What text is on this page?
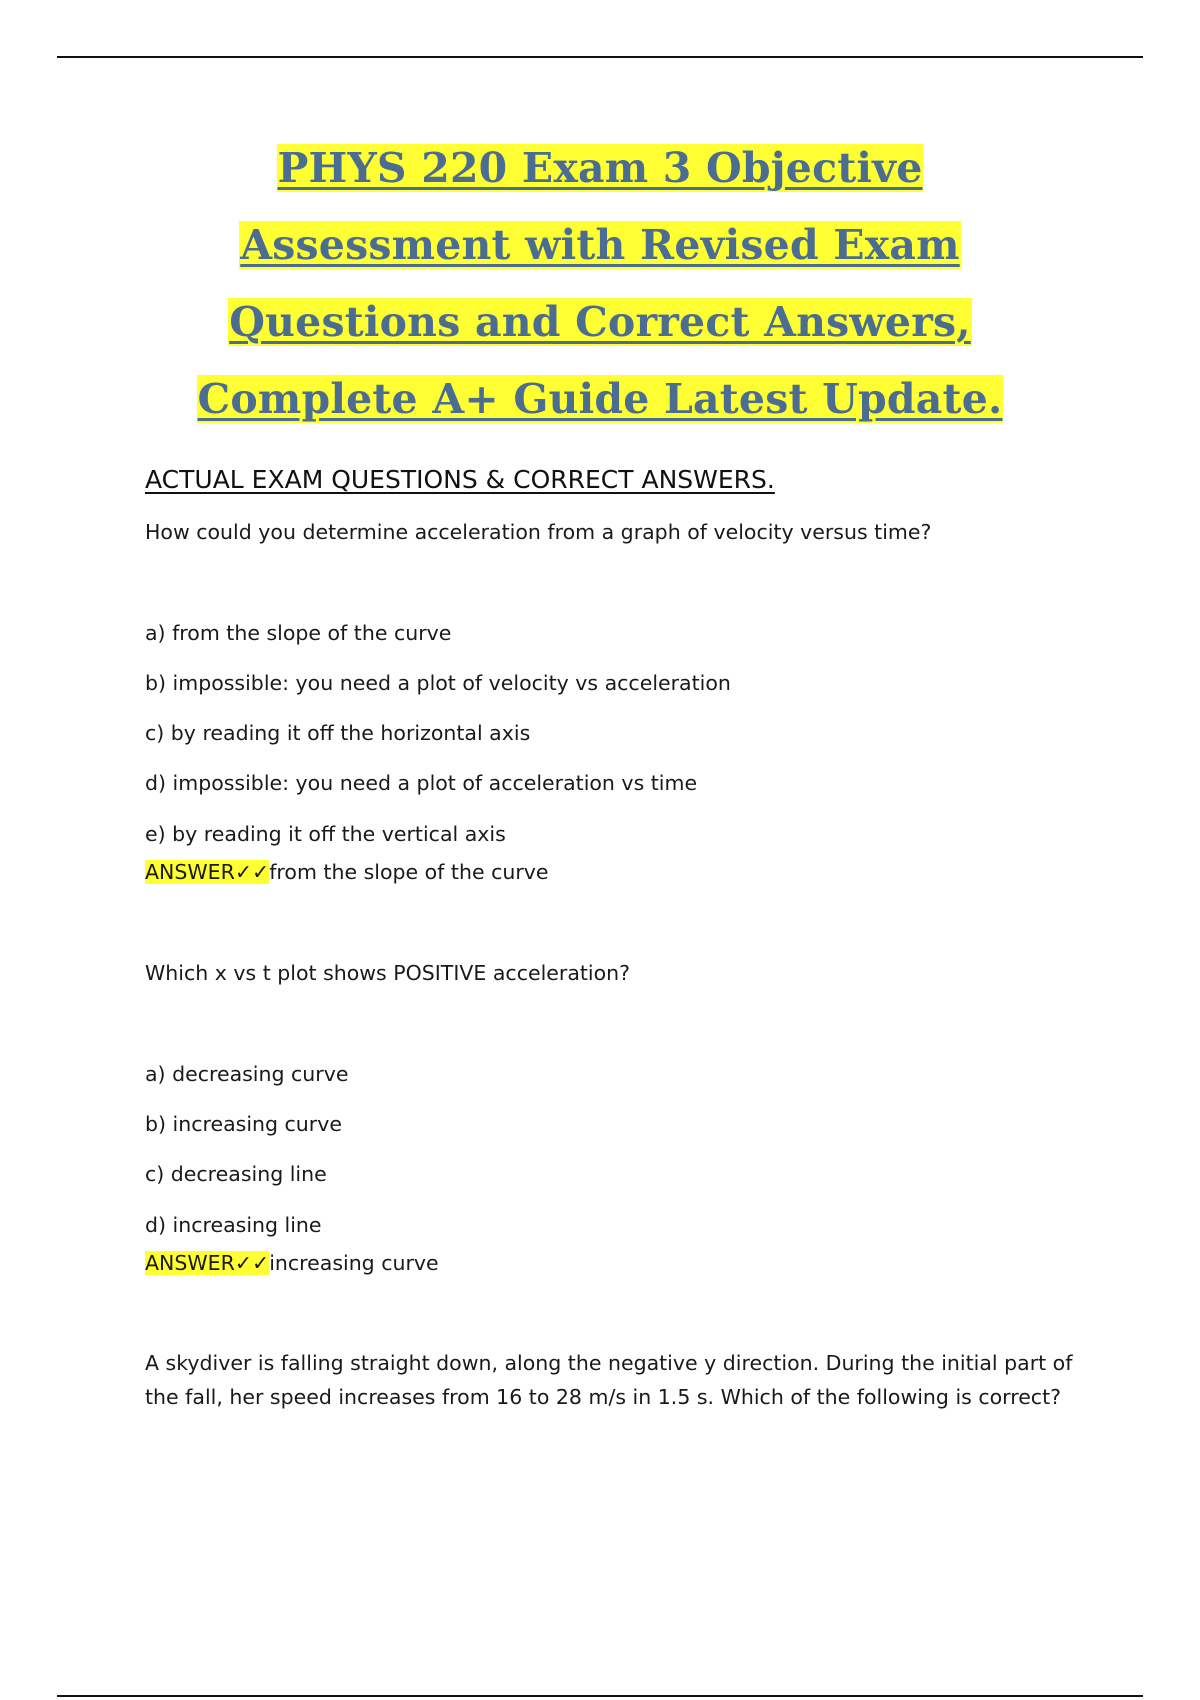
PHYS 220 Exam 3 Objective
Assessment with Revised Exam
Questions and Correct Answers,
Complete A+ Guide Latest Update.
ACTUAL EXAM QUESTIONS & CORRECT ANSWERS.
How could you determine acceleration from a graph of velocity versus time?
a) from the slope of the curve
b) impossible: you need a plot of velocity vs acceleration
c) by reading it off the horizontal axis
d) impossible: you need a plot of acceleration vs time
e) by reading it off the vertical axis
ANSWER✓✓from the slope of the curve
Which x vs t plot shows POSITIVE acceleration?
a) decreasing curve
b) increasing curve
c) decreasing line
d) increasing line
ANSWER✓✓increasing curve
A skydiver is falling straight down, along the negative y direction. During the initial part of the fall, her speed increases from 16 to 28 m/s in 1.5 s. Which of the following is correct?
